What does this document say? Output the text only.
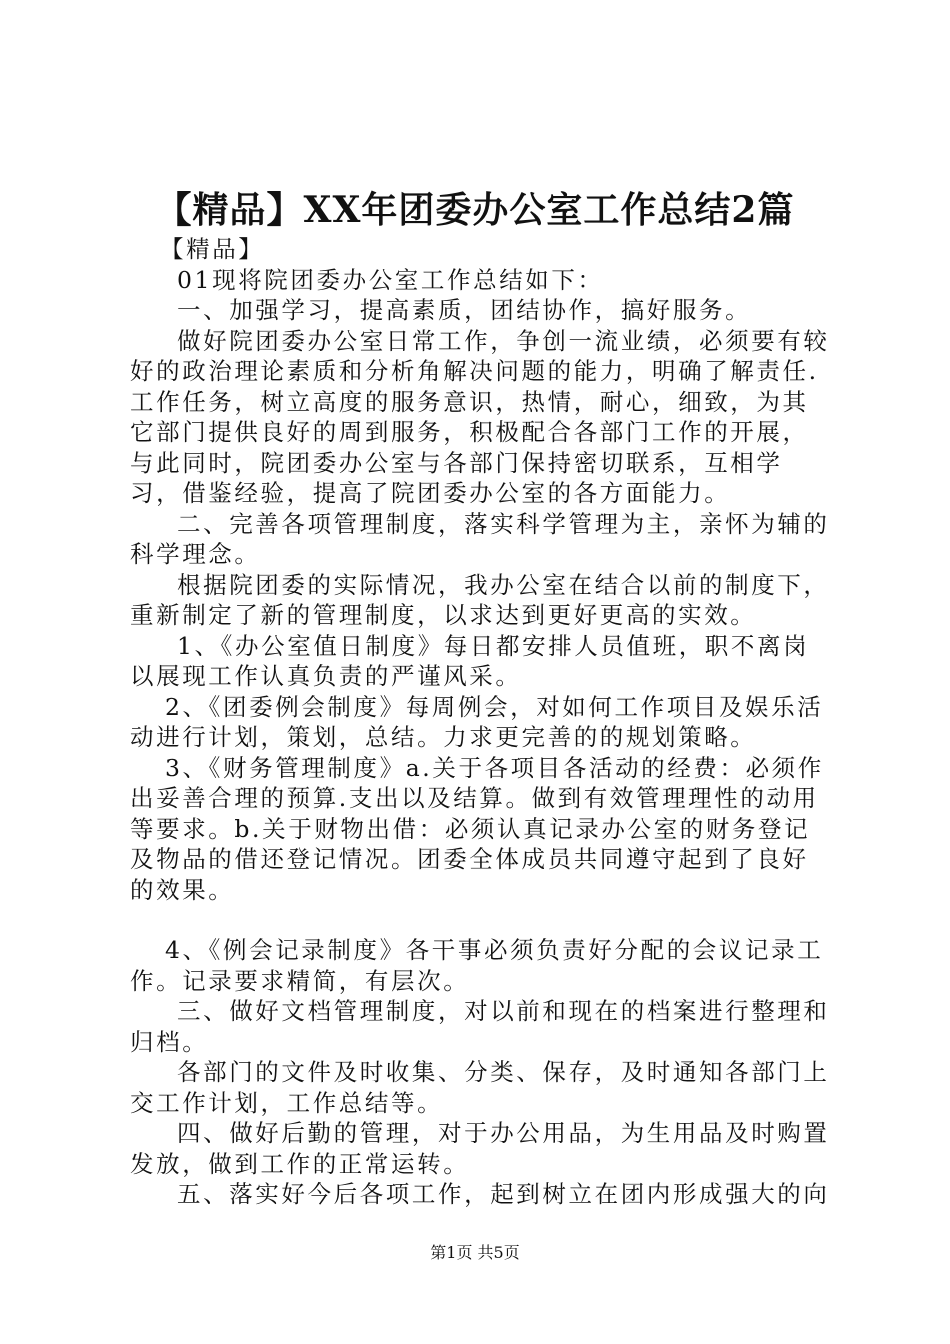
【精品】XX年团委办公室工作总结2篇

【精品】

01现将院团委办公室工作总结如下：

一、加强学习，提高素质，团结协作，搞好服务。

做好院团委办公室日常工作，争创一流业绩，必须要有较好的政治理论素质和分析角解决问题的能力，明确了解责任.工作任务，树立高度的服务意识，热情，耐心，细致，为其它部门提供良好的周到服务，积极配合各部门工作的开展，与此同时，院团委办公室与各部门保持密切联系，互相学习，借鉴经验，提高了院团委办公室的各方面能力。

二、完善各项管理制度，落实科学管理为主，亲怀为辅的科学理念。

根据院团委的实际情况，我办公室在结合以前的制度下，重新制定了新的管理制度，以求达到更好更高的实效。

1、《办公室值日制度》每日都安排人员值班，职不离岗以展现工作认真负责的严谨风采。

2、《团委例会制度》每周例会，对如何工作项目及娱乐活动进行计划，策划，总结。力求更完善的的规划策略。

3、《财务管理制度》a.关于各项目各活动的经费：必须作出妥善合理的预算.支出以及结算。做到有效管理理性的动用等要求。b.关于财物出借：必须认真记录办公室的财务登记及物品的借还登记情况。团委全体成员共同遵守起到了良好的效果。

4、《例会记录制度》各干事必须负责好分配的会议记录工作。记录要求精简，有层次。

三、做好文档管理制度，对以前和现在的档案进行整理和归档。

各部门的文件及时收集、分类、保存，及时通知各部门上交工作计划，工作总结等。

四、做好后勤的管理，对于办公用品，为生用品及时购置发放，做到工作的正常运转。

五、落实好今后各项工作，起到树立在团内形成强大的向

第1页 共5页
